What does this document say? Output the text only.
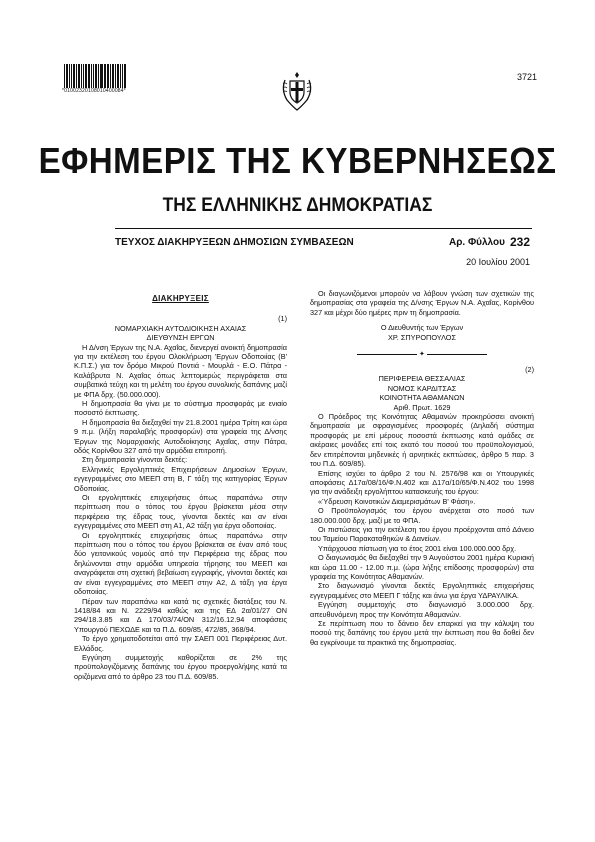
*01002320108010400084*
3721
ΕΦΗΜΕΡΙΣ ΤΗΣ ΚΥΒΕΡΝΗΣΕΩΣ
ΤΗΣ ΕΛΛΗΝΙΚΗΣ ΔΗΜΟΚΡΑΤΙΑΣ
ΤΕΥΧΟΣ ΔΙΑΚΗΡΥΞΕΩΝ ΔΗΜΟΣΙΩΝ ΣΥΜΒΑΣΕΩΝ	Αρ. Φύλλου 232
20 Ιουλίου 2001
ΔΙΑΚΗΡΥΞΕΙΣ

(1)

ΝΟΜΑΡΧΙΑΚΗ ΑΥΤΟΔΙΟΙΚΗΣΗ ΑΧΑΙΑΣ

ΔΙΕΥΘΥΝΣΗ ΕΡΓΩΝ

Η Δ/νση Έργων της Ν.Α. Αχαΐας, διενεργεί ανοικτή δημοπρασία για την εκτέλεση του έργου Ολοκλήρωση 'Εργων Οδοποιίας (Β' Κ.Π.Σ.) για τον δρόμο Μικρού Ποντιά - Μουρλά - Ε.Ο. Πάτρα - Καλάβρυτα Ν. Αχαΐας όπως λεπτομερώς περιγράφεται στα συμβατικά τεύχη και τη μελέτη του έργου συνολικής δαπάνης μαζί με ΦΠΑ δρχ. (50.000.000).

Η δημοπρασία θα γίνει με το σύστημα προσφοράς με ενιαίο ποσοστό έκπτωσης.

Η δημοπρασία θα διεξαχθεί την 21.8.2001 ημέρα Τρίτη και ώρα 9 π.μ. (λήξη παραλαβής προσφορών) στα γραφεία της Δ/νσης Έργων της Νομαρχιακής Αυτοδιοίκησης Αχαΐας, στην Πάτρα, οδός Κορίνθου 327 από την αρμόδια επιτροπή.

Στη δημοπρασία γίνονται δεκτές:

Ελληνικές Εργοληπτικές Επιχειρήσεων Δημοσίων Έργων, εγγεγραμμένες στο ΜΕΕΠ στη Β, Γ τάξη της κατηγορίας Έργων Οδοποιίας.

Οι εργοληπτικές επιχειρήσεις όπως παραπάνω στην περίπτωση που ο τόπος του έργου βρίσκεται μέσα στην περιφέρεια της έδρας τους, γίνονται δεκτές και αν είναι εγγεγραμμένες στο ΜΕΕΠ στη Α1, Α2 τάξη για έργα οδοποιίας.

Οι εργοληπτικές επιχειρήσεις όπως παραπάνω στην περίπτωση που ο τόπος του έργου βρίσκεται σε έναν από τους δύο γειτονικούς νομούς από την Περιφέρεια της έδρας που δηλώνονται στην αρμόδια υπηρεσία τήρησης του ΜΕΕΠ και αναγράφεται στη σχετική βεβαίωση εγγραφής, γίνονται δεκτές και αν είναι εγγεγραμμένες στο ΜΕΕΠ στην Α2, Δ τάξη για έργα οδοποιίας.

Πέραν των παραπάνω και κατά τις σχετικές διατάξεις του Ν. 1418/84 και Ν. 2229/94 καθώς και της ΕΔ 2α/01/27 ΟΝ 294/18.3.85 και Δ 170/03/74/ΟΝ 312/16.12.94 αποφάσεις Υπουργού ΠΕΧΩΔΕ και τα Π.Δ. 609/85, 472/85, 368/94.

Το έργο χρηματοδοτείται από την ΣΑΕΠ 001 Περιφέρειας Δυτ. Ελλάδος.

Εγγύηση συμμετοχής καθορίζεται σε 2% της προϋπολογιζόμενης δαπάνης του έργου προεργολήψης κατά τα οριζόμενα από το άρθρο 23 του Π.Δ. 609/85.

Οι διαγωνιζόμενοι μπορούν να λάβουν γνώση των σχετικών της δημοπρασίας στα γραφεία της Δ/νσης Έργων Ν.Α. Αχαΐας, Κορίνθου 327 και μέχρι δύο ημέρες πριν τη δημοπρασία.

Ο Διευθυντής των Έργων

ΧΡ. ΣΠΥΡΟΠΟΥΛΟΣ

✦

(2)

ΠΕΡΙΦΕΡΕΙΑ ΘΕΣΣΑΛΙΑΣ

ΝΟΜΟΣ ΚΑΡΔΙΤΣΑΣ

ΚΟΙΝΟΤΗΤΑ ΑΘΑΜΑΝΩΝ

Αριθ. Πρωτ. 1629

Ο Πρόεδρος της Κοινότητας Αθαμανών προκηρύσσει ανοικτή δημοπρασία με σφραγισμένες προσφορές (Δηλαδή σύστημα προσφοράς με επί μέρους ποσοστά έκπτωσης κατά ομάδες σε ακέραιες μονάδες επί τοις εκατό του ποσού του προϋπολογισμού, δεν επιτρέπονται μηδενικές ή αρνητικές εκπτώσεις, άρθρο 5 παρ. 3 του Π.Δ. 609/85).

Επίσης ισχύει το άρθρο 2 του Ν. 2576/98 και οι Υπουργικές αποφάσεις Δ17α/08/16/Φ.Ν.402 και Δ17α/10/65/Φ.Ν.402 του 1998 για την ανάδειξη εργολήπτου κατασκευής του έργου:

«Ύδρευση Κοινοτικών Διαμερισμάτων Β' Φάση».

Ο Προϋπολογισμός του έργου ανέρχεται στο ποσό των 180.000.000 δρχ. μαζί με το ΦΠΑ.

Οι πιστώσεις για την εκτέλεση του έργου προέρχονται από Δάνειο του Ταμείου Παρακαταθηκών & Δανείων.

Υπάρχουσα πίστωση για το έτος 2001 είναι 100.000.000 δρχ.

Ο διαγωνισμός θα διεξαχθεί την 9 Αυγούστου 2001 ημέρα Κυριακή και ώρα 11.00 - 12.00 π.μ. (ώρα λήξης επίδοσης προσφορών) στα γραφεία της Κοινότητας Αθαμανών.

Στο διαγωνισμό γίνονται δεκτές Εργοληπτικές επιχειρήσεις εγγεγραμμένες στο ΜΕΕΠ Γ τάξης και άνω για έργα ΥΔΡΑΥΛΙΚΑ.

Εγγύηση συμμετοχής στο διαγωνισμό 3.000.000 δρχ. απευθυνόμενη προς την Κοινότητα Αθαμανών.

Σε περίπτωση που το δάνειο δεν επαρκεί για την κάλυψη του ποσού της δαπάνης του έργου μετά την έκπτωση που θα δοθεί δεν θα εγκρίνουμε τα πρακτικά της δημοπρασίας.
